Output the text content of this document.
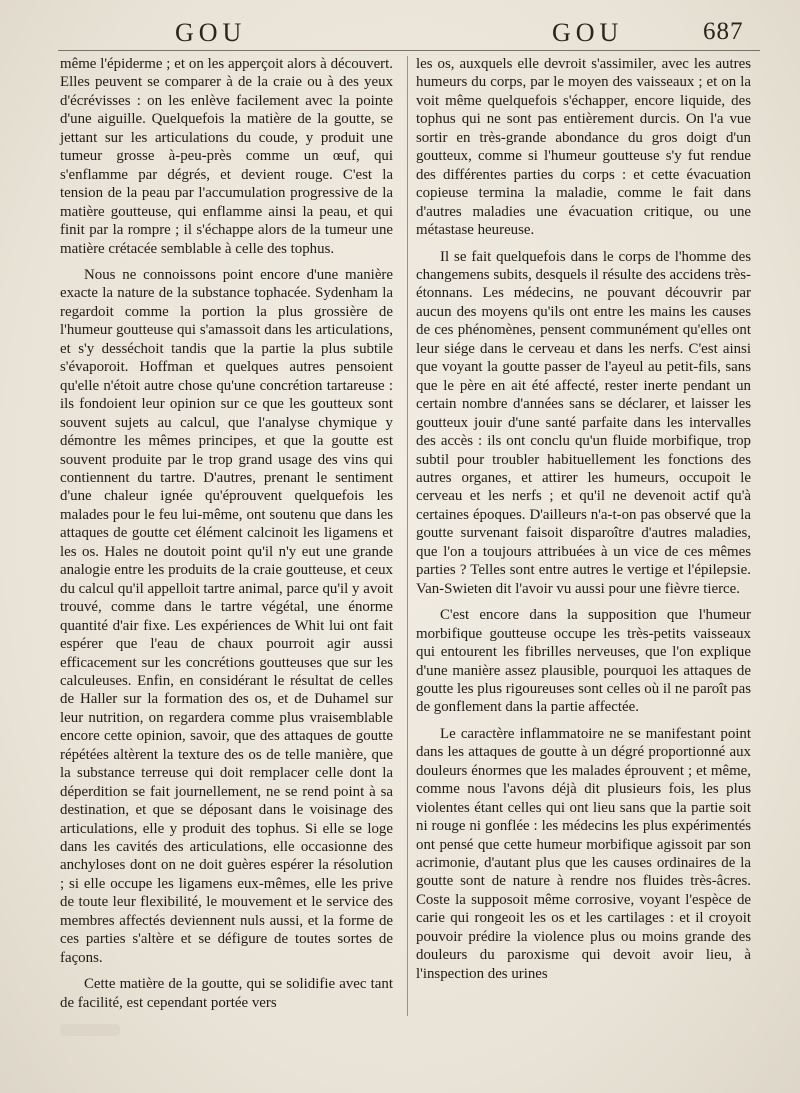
GOU	GOU	687

même l'épiderme ; et on les apperçoit alors à découvert. Elles peuvent se comparer à de la craie ou à des yeux d'écrévisses : on les enlève facilement avec la pointe d'une aiguille. Quelquefois la matière de la goutte, se jettant sur les articulations du coude, y produit une tumeur grosse à-peu-près comme un œuf, qui s'enflamme par dégrés, et devient rouge. C'est la tension de la peau par l'accumulation progressive de la matière goutteuse, qui enflamme ainsi la peau, et qui finit par la rompre ; il s'échappe alors de la tumeur une matière crétacée semblable à celle des tophus.

Nous ne connoissons point encore d'une manière exacte la nature de la substance tophacée. Sydenham la regardoit comme la portion la plus grossière de l'humeur goutteuse qui s'amassoit dans les articulations, et s'y desséchoit tandis que la partie la plus subtile s'évaporoit. Hoffman et quelques autres pensoient qu'elle n'étoit autre chose qu'une concrétion tartareuse : ils fondoient leur opinion sur ce que les goutteux sont souvent sujets au calcul, que l'analyse chymique y démontre les mêmes principes, et que la goutte est souvent produite par le trop grand usage des vins qui contiennent du tartre. D'autres, prenant le sentiment d'une chaleur ignée qu'éprouvent quelquefois les malades pour le feu lui-même, ont soutenu que dans les attaques de goutte cet élément calcinoit les ligamens et les os. Hales ne doutoit point qu'il n'y eut une grande analogie entre les produits de la craie goutteuse, et ceux du calcul qu'il appelloit tartre animal, parce qu'il y avoit trouvé, comme dans le tartre végétal, une énorme quantité d'air fixe. Les expériences de Whit lui ont fait espérer que l'eau de chaux pourroit agir aussi efficacement sur les concrétions goutteuses que sur les calculeuses. Enfin, en considérant le résultat de celles de Haller sur la formation des os, et de Duhamel sur leur nutrition, on regardera comme plus vraisemblable encore cette opinion, savoir, que des attaques de goutte répétées altèrent la texture des os de telle manière, que la substance terreuse qui doit remplacer celle dont la déperdition se fait journellement, ne se rend point à sa destination, et que se déposant dans le voisinage des articulations, elle y produit des tophus. Si elle se loge dans les cavités des articulations, elle occasionne des anchyloses dont on ne doit guères espérer la résolution ; si elle occupe les ligamens eux-mêmes, elle les prive de toute leur flexibilité, le mouvement et le service des membres affectés deviennent nuls aussi, et la forme de ces parties s'altère et se défigure de toutes sortes de façons.

Cette matière de la goutte, qui se solidifie avec tant de facilité, est cependant portée vers

les os, auxquels elle devroit s'assimiler, avec les autres humeurs du corps, par le moyen des vaisseaux ; et on la voit même quelquefois s'échapper, encore liquide, des tophus qui ne sont pas entièrement durcis. On l'a vue sortir en très-grande abondance du gros doigt d'un goutteux, comme si l'humeur goutteuse s'y fut rendue des différentes parties du corps : et cette évacuation copieuse termina la maladie, comme le fait dans d'autres maladies une évacuation critique, ou une métastase heureuse.

Il se fait quelquefois dans le corps de l'homme des changemens subits, desquels il résulte des accidens très-étonnans. Les médecins, ne pouvant découvrir par aucun des moyens qu'ils ont entre les mains les causes de ces phénomènes, pensent communément qu'elles ont leur siége dans le cerveau et dans les nerfs. C'est ainsi que voyant la goutte passer de l'ayeul au petit-fils, sans que le père en ait été affecté, rester inerte pendant un certain nombre d'années sans se déclarer, et laisser les goutteux jouir d'une santé parfaite dans les intervalles des accès : ils ont conclu qu'un fluide morbifique, trop subtil pour troubler habituellement les fonctions des autres organes, et attirer les humeurs, occupoit le cerveau et les nerfs ; et qu'il ne devenoit actif qu'à certaines époques. D'ailleurs n'a-t-on pas observé que la goutte survenant faisoit disparoître d'autres maladies, que l'on a toujours attribuées à un vice de ces mêmes parties ? Telles sont entre autres le vertige et l'épilepsie. Van-Swieten dit l'avoir vu aussi pour une fièvre tierce.

C'est encore dans la supposition que l'humeur morbifique goutteuse occupe les très-petits vaisseaux qui entourent les fibrilles nerveuses, que l'on explique d'une manière assez plausible, pourquoi les attaques de goutte les plus rigoureuses sont celles où il ne paroît pas de gonflement dans la partie affectée.

Le caractère inflammatoire ne se manifestant point dans les attaques de goutte à un dégré proportionné aux douleurs énormes que les malades éprouvent ; et même, comme nous l'avons déjà dit plusieurs fois, les plus violentes étant celles qui ont lieu sans que la partie soit ni rouge ni gonflée : les médecins les plus expérimentés ont pensé que cette humeur morbifique agissoit par son acrimonie, d'autant plus que les causes ordinaires de la goutte sont de nature à rendre nos fluides très-âcres. Coste la supposoit même corrosive, voyant l'espèce de carie qui rongeoit les os et les cartilages : et il croyoit pouvoir prédire la violence plus ou moins grande des douleurs du paroxisme qui devoit avoir lieu, à l'inspection des urines
